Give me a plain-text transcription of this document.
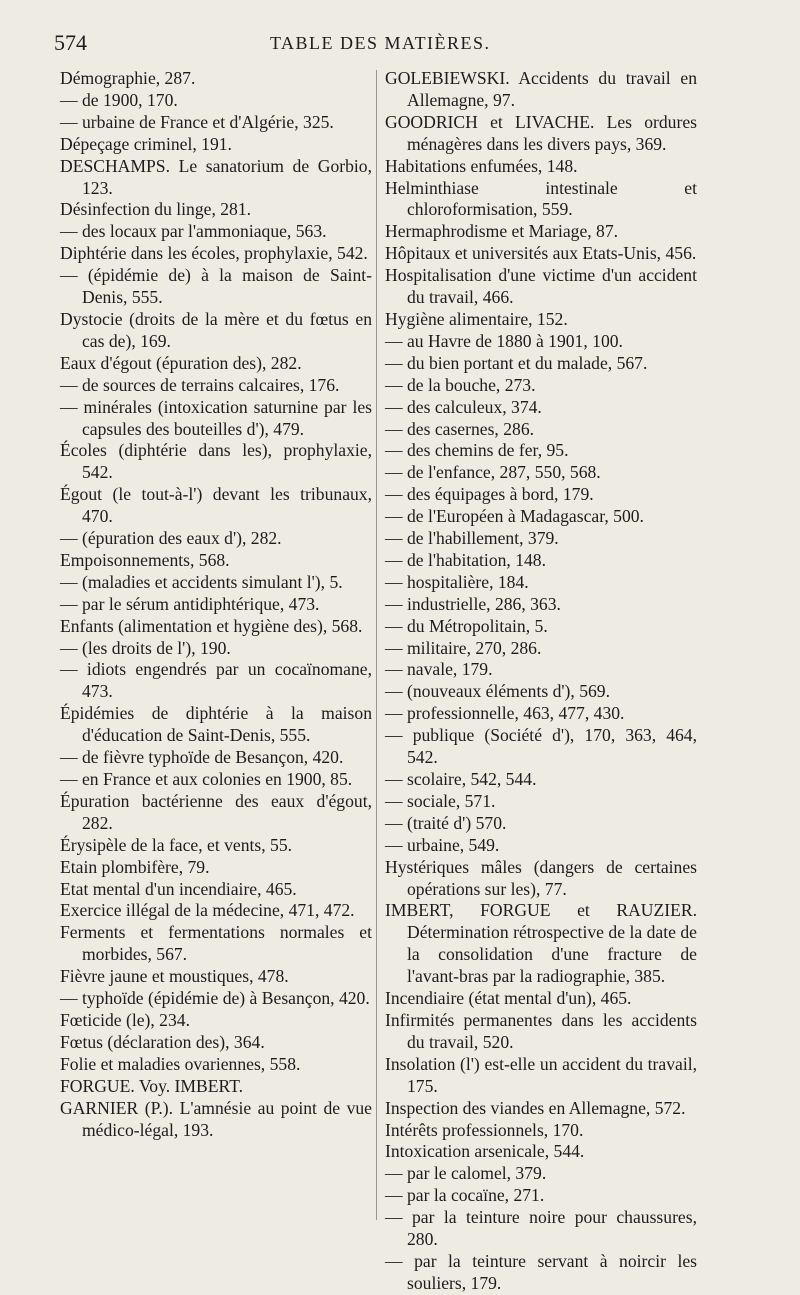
574	TABLE DES MATIÈRES.
Démographie, 287.
— de 1900, 170.
— urbaine de France et d'Algérie, 325.
Dépeçage criminel, 191.
DESCHAMPS. Le sanatorium de Gorbio, 123.
Désinfection du linge, 281.
— des locaux par l'ammoniaque, 563.
Diphtérie dans les écoles, prophylaxie, 542.
— (épidémie de) à la maison de Saint-Denis, 555.
Dystocie (droits de la mère et du fœtus en cas de), 169.
Eaux d'égout (épuration des), 282.
— de sources de terrains calcaires, 176.
— minérales (intoxication saturnine par les capsules des bouteilles d'), 479.
Écoles (diphtérie dans les), prophylaxie, 542.
Égout (le tout-à-l') devant les tribunaux, 470.
— (épuration des eaux d'), 282.
Empoisonnements, 568.
— (maladies et accidents simulant l'), 5.
— par le sérum antidiphtérique, 473.
Enfants (alimentation et hygiène des), 568.
— (les droits de l'), 190.
— idiots engendrés par un cocaïnomane, 473.
Épidémies de diphtérie à la maison d'éducation de Saint-Denis, 555.
— de fièvre typhoïde de Besançon, 420.
— en France et aux colonies en 1900, 85.
Épuration bactérienne des eaux d'égout, 282.
Érysipèle de la face, et vents, 55.
Etain plombifère, 79.
Etat mental d'un incendiaire, 465.
Exercice illégal de la médecine, 471, 472.
Ferments et fermentations normales et morbides, 567.
Fièvre jaune et moustiques, 478.
— typhoïde (épidémie de) à Besançon, 420.
Fœticide (le), 234.
Fœtus (déclaration des), 364.
Folie et maladies ovariennes, 558.
FORGUE. Voy. IMBERT.
GARNIER (P.). L'amnésie au point de vue médico-légal, 193.
GOLEBIEWSKI. Accidents du travail en Allemagne, 97.
GOODRICH et LIVACHE. Les ordures ménagères dans les divers pays, 369.
Habitations enfumées, 148.
Helminthiase intestinale et chloroformisation, 559.
Hermaphrodisme et Mariage, 87.
Hôpitaux et universités aux Etats-Unis, 456.
Hospitalisation d'une victime d'un accident du travail, 466.
Hygiène alimentaire, 152.
— au Havre de 1880 à 1901, 100.
— du bien portant et du malade, 567.
— de la bouche, 273.
— des calculeux, 374.
— des casernes, 286.
— des chemins de fer, 95.
— de l'enfance, 287, 550, 568.
— des équipages à bord, 179.
— de l'Européen à Madagascar, 500.
— de l'habillement, 379.
— de l'habitation, 148.
— hospitalière, 184.
— industrielle, 286, 363.
— du Métropolitain, 5.
— militaire, 270, 286.
— navale, 179.
— (nouveaux éléments d'), 569.
— professionnelle, 463, 477, 430.
— publique (Société d'), 170, 363, 464, 542.
— scolaire, 542, 544.
— sociale, 571.
— (traité d') 570.
— urbaine, 549.
Hystériques mâles (dangers de certaines opérations sur les), 77.
IMBERT, FORGUE et RAUZIER. Détermination rétrospective de la date de la consolidation d'une fracture de l'avant-bras par la radiographie, 385.
Incendiaire (état mental d'un), 465.
Infirmités permanentes dans les accidents du travail, 520.
Insolation (l') est-elle un accident du travail, 175.
Inspection des viandes en Allemagne, 572.
Intérêts professionnels, 170.
Intoxication arsenicale, 544.
— par le calomel, 379.
— par la cocaïne, 271.
— par la teinture noire pour chaussures, 280.
— par la teinture servant à noircir les souliers, 179.
